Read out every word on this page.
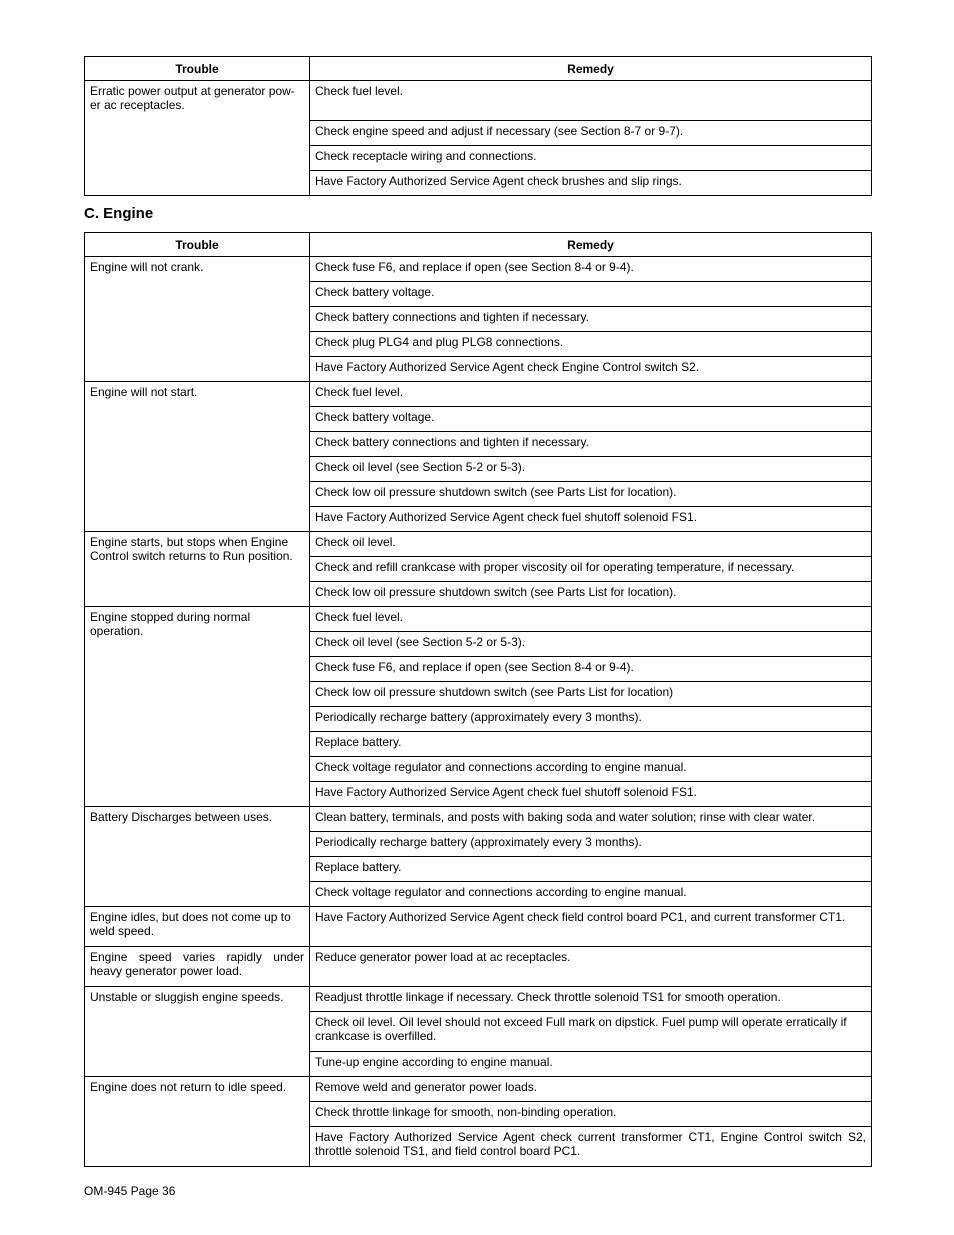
Trouble	Remedy
Erratic power output at generator pow- er ac receptacles.	Check fuel level.
	Check engine speed and adjust if necessary (see Section 8-7 or 9-7).
	Check receptacle wiring and connections.
	Have Factory Authorized Service Agent check brushes and slip rings.
C. Engine
Trouble	Remedy
Engine will not crank.	Check fuse F6, and replace if open (see Section 8-4 or 9-4).
	Check battery voltage.
	Check battery connections and tighten if necessary.
	Check plug PLG4 and plug PLG8 connections.
	Have Factory Authorized Service Agent check Engine Control switch S2.
Engine will not start.	Check fuel level.
	Check battery voltage.
	Check battery connections and tighten if necessary.
	Check oil level (see Section 5-2 or 5-3).
	Check low oil pressure shutdown switch (see Parts List for location).
	Have Factory Authorized Service Agent check fuel shutoff solenoid FS1.
Engine starts, but stops when Engine Control switch returns to Run position.	Check oil level.
	Check and refill crankcase with proper viscosity oil for operating temperature, if necessary.
	Check low oil pressure shutdown switch (see Parts List for location).
Engine stopped during normal operation.	Check fuel level.
	Check oil level (see Section 5-2 or 5-3).
	Check fuse F6, and replace if open (see Section 8-4 or 9-4).
	Check low oil pressure shutdown switch (see Parts List for location)
	Periodically recharge battery (approximately every 3 months).
	Replace battery.
	Check voltage regulator and connections according to engine manual.
	Have Factory Authorized Service Agent check fuel shutoff solenoid FS1.
Battery Discharges between uses.	Clean battery, terminals, and posts with baking soda and water solution; rinse with clear water.
	Periodically recharge battery (approximately every 3 months).
	Replace battery.
	Check voltage regulator and connections according to engine manual.
Engine idles, but does not come up to weld speed.	Have Factory Authorized Service Agent check field control board PC1, and current transformer CT1.
Engine speed varies rapidly under heavy generator power load.	Reduce generator power load at ac receptacles.
Unstable or sluggish engine speeds.	Readjust throttle linkage if necessary. Check throttle solenoid TS1 for smooth operation.
	Check oil level. Oil level should not exceed Full mark on dipstick. Fuel pump will operate erratically if crankcase is overfilled.
	Tune-up engine according to engine manual.
Engine does not return to idle speed.	Remove weld and generator power loads.
	Check throttle linkage for smooth, non-binding operation.
	Have Factory Authorized Service Agent check current transformer CT1, Engine Control switch S2, throttle solenoid TS1, and field control board PC1.
OM-945 Page 36
